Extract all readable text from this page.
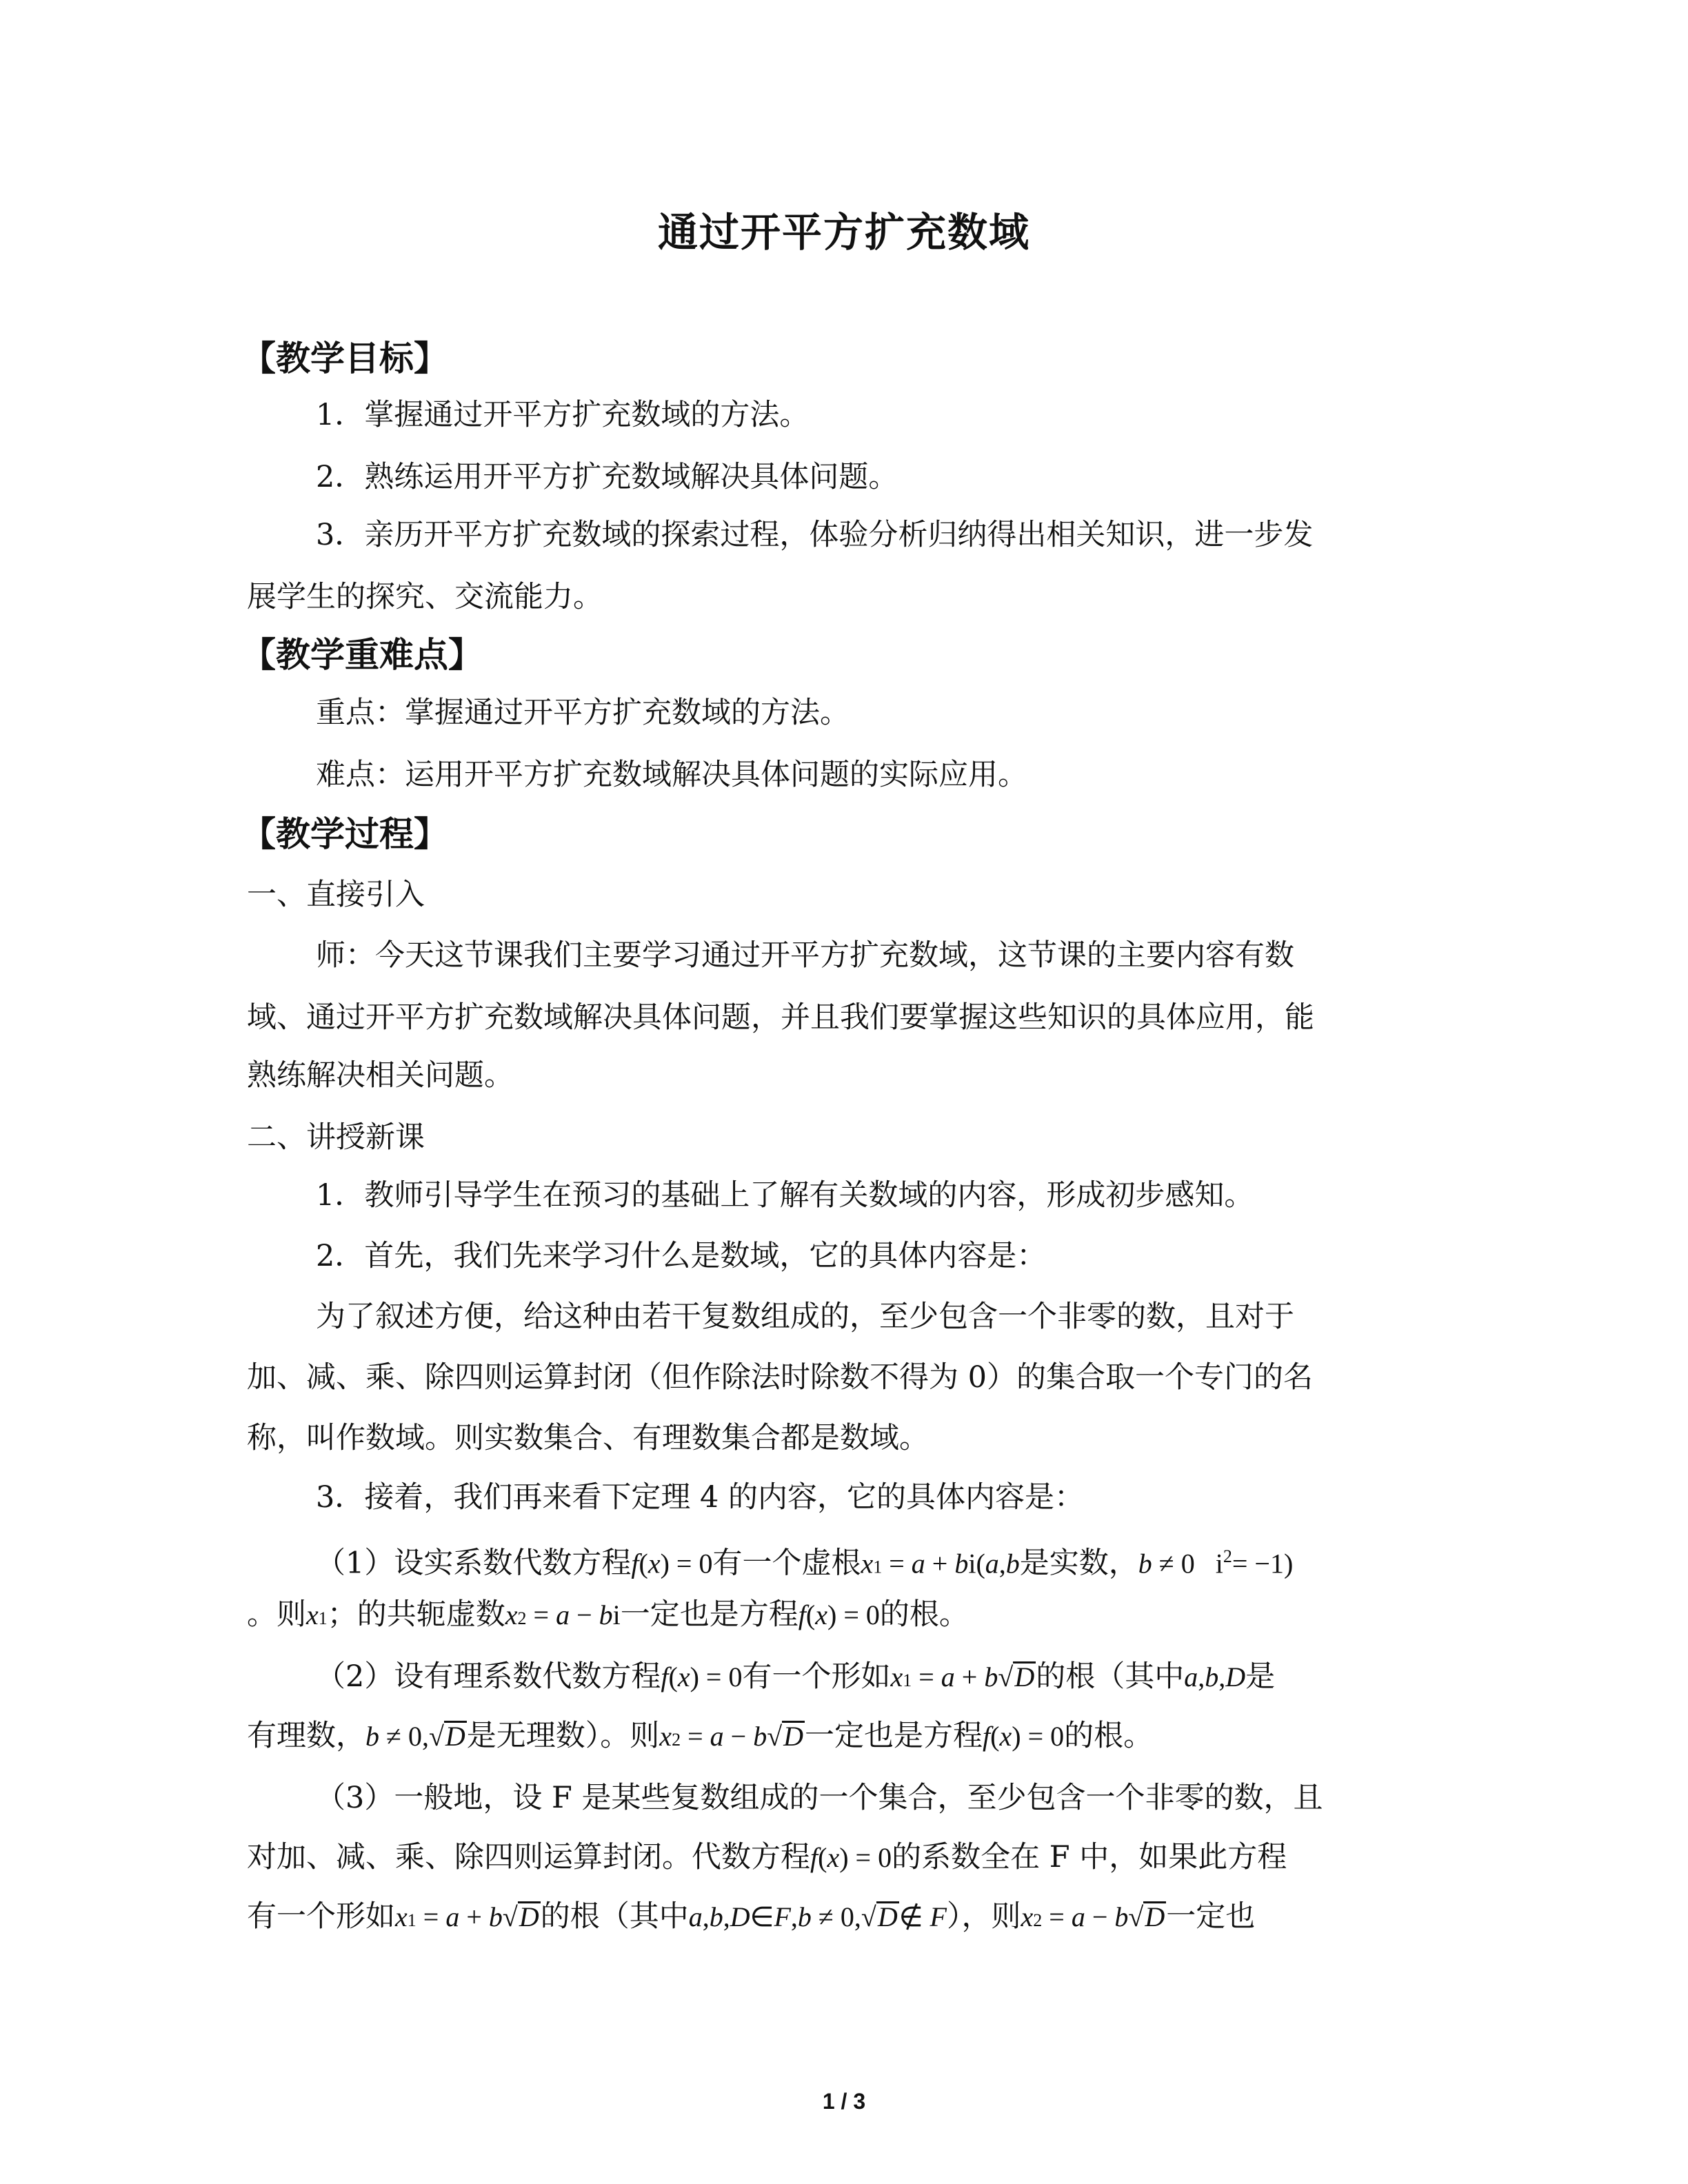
通过开平方扩充数域
【教学目标】
1．掌握通过开平方扩充数域的方法。
2．熟练运用开平方扩充数域解决具体问题。
3．亲历开平方扩充数域的探索过程，体验分析归纳得出相关知识，进一步发
展学生的探究、交流能力。
【教学重难点】
重点：掌握通过开平方扩充数域的方法。
难点：运用开平方扩充数域解决具体问题的实际应用。
【教学过程】
一、直接引入
师：今天这节课我们主要学习通过开平方扩充数域，这节课的主要内容有数
域、通过开平方扩充数域解决具体问题，并且我们要掌握这些知识的具体应用，能
熟练解决相关问题。
二、讲授新课
1．教师引导学生在预习的基础上了解有关数域的内容，形成初步感知。
2．首先，我们先来学习什么是数域，它的具体内容是：
为了叙述方便，给这种由若干复数组成的，至少包含一个非零的数，且对于
加、减、乘、除四则运算封闭（但作除法时除数不得为 0）的集合取一个专门的名
称，叫作数域。则实数集合、有理数集合都是数域。
3．接着，我们再来看下定理 4 的内容，它的具体内容是：
（1）设实系数代数方程f(x) = 0有一个虚根x1 = a + bi(a,b是实数，b ≠ 0   $i^2= -1$)
。则x1；的共轭虚数x2 = a − bi一定也是方程f(x) = 0的根。
（2）设有理系数代数方程f(x) = 0有一个形如x1 = a + b√D的根（其中a,b,D是
有理数，b ≠ 0,√D是无理数）。则x2 = a − b√D一定也是方程f(x) = 0的根。
（3）一般地，设 F 是某些复数组成的一个集合，至少包含一个非零的数，且
对加、减、乘、除四则运算封闭。代数方程f(x) = 0的系数全在 F 中，如果此方程
有一个形如x1 = a + b√D的根（其中a,b,D∈F,b ≠ 0,√D∉ F），则x2 = a − b√D一定也
1 / 3
